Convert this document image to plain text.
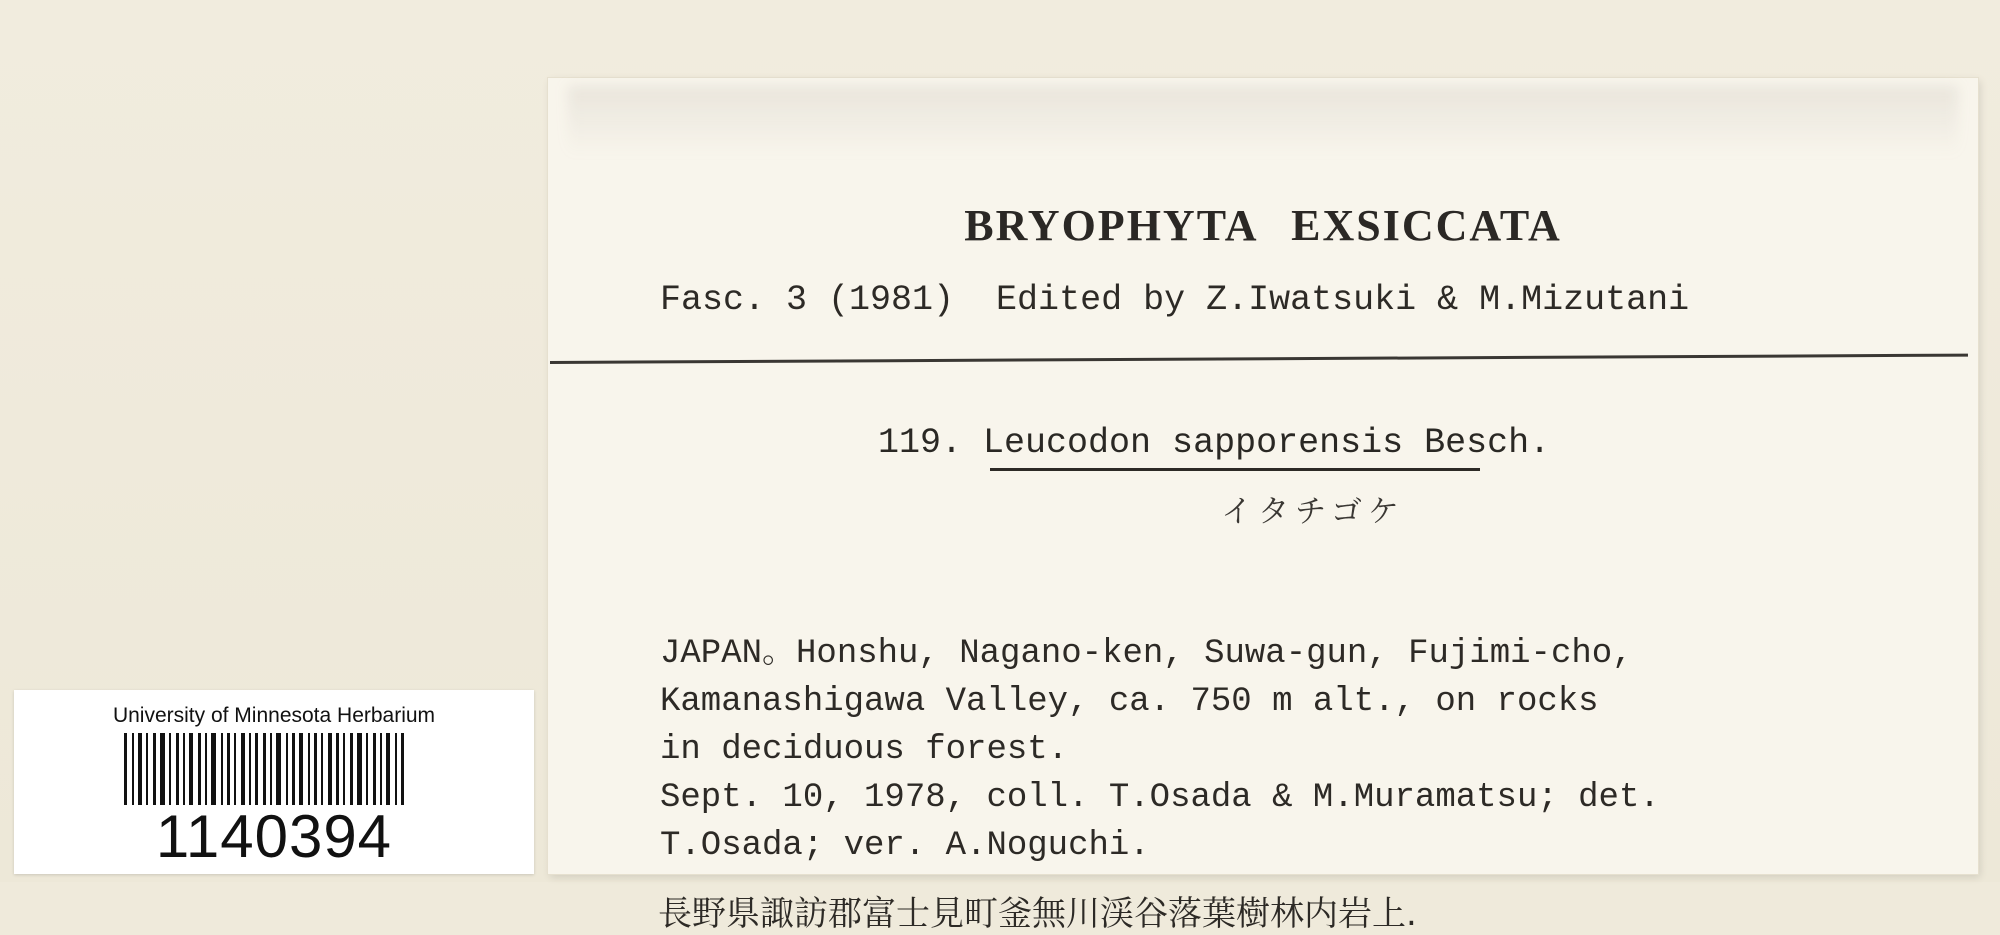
BRYOPHYTA EXSICCATA
Fasc. 3 (1981)  Edited by Z.Iwatsuki & M.Mizutani
119. Leucodon sapporensis Besch.
イタチゴケ
JAPAN。Honshu, Nagano-ken, Suwa-gun, Fujimi-cho,
Kamanashigawa Valley, ca. 750 m alt., on rocks
in deciduous forest.
Sept. 10, 1978, coll. T.Osada & M.Muramatsu; det.
T.Osada; ver. A.Noguchi.
長野県諏訪郡富士見町釜無川渓谷落葉樹林内岩上.
University of Minnesota Herbarium
1140394
